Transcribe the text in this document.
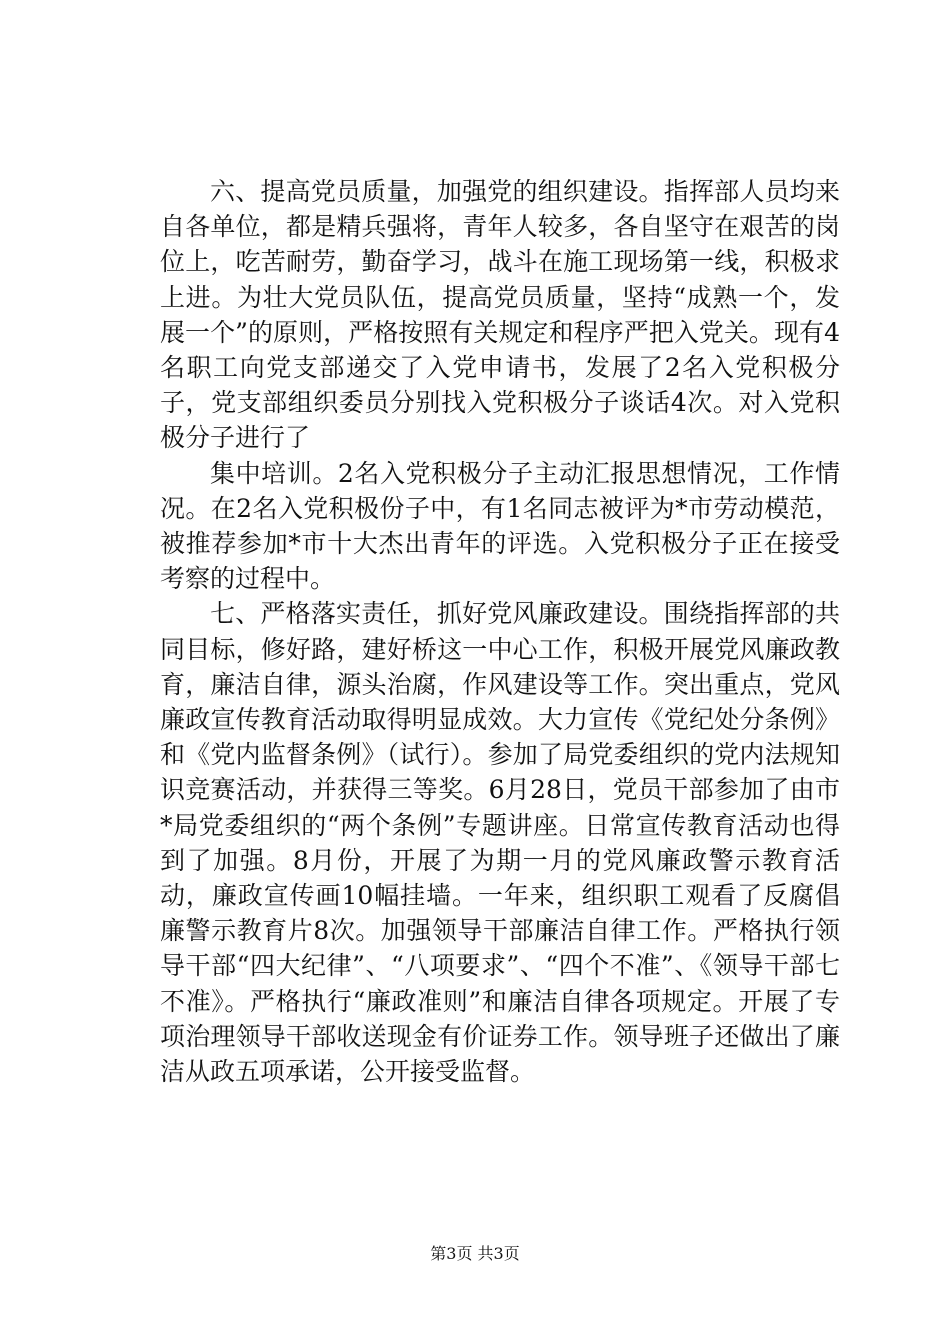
六、提高党员质量，加强党的组织建设。指挥部人员均来自各单位，都是精兵强将，青年人较多，各自坚守在艰苦的岗位上，吃苦耐劳，勤奋学习，战斗在施工现场第一线，积极求上进。为壮大党员队伍，提高党员质量，坚持“成熟一个，发展一个”的原则，严格按照有关规定和程序严把入党关。现有4名职工向党支部递交了入党申请书，发展了2名入党积极分子，党支部组织委员分别找入党积极分子谈话4次。对入党积极分子进行了

集中培训。2名入党积极分子主动汇报思想情况，工作情况。在2名入党积极份子中，有1名同志被评为*市劳动模范，被推荐参加*市十大杰出青年的评选。入党积极分子正在接受考察的过程中。

七、严格落实责任，抓好党风廉政建设。围绕指挥部的共同目标，修好路，建好桥这一中心工作，积极开展党风廉政教育，廉洁自律，源头治腐，作风建设等工作。突出重点，党风廉政宣传教育活动取得明显成效。大力宣传《党纪处分条例》和《党内监督条例》（试行）。参加了局党委组织的党内法规知识竞赛活动，并获得三等奖。6月28日，党员干部参加了由市*局党委组织的“两个条例”专题讲座。日常宣传教育活动也得到了加强。8月份，开展了为期一月的党风廉政警示教育活动，廉政宣传画10幅挂墙。一年来，组织职工观看了反腐倡廉警示教育片8次。加强领导干部廉洁自律工作。严格执行领导干部“四大纪律”、“八项要求”、“四个不准”、《领导干部七不准》。严格执行“廉政准则”和廉洁自律各项规定。开展了专项治理领导干部收送现金有价证券工作。领导班子还做出了廉洁从政五项承诺，公开接受监督。

第3页 共3页
